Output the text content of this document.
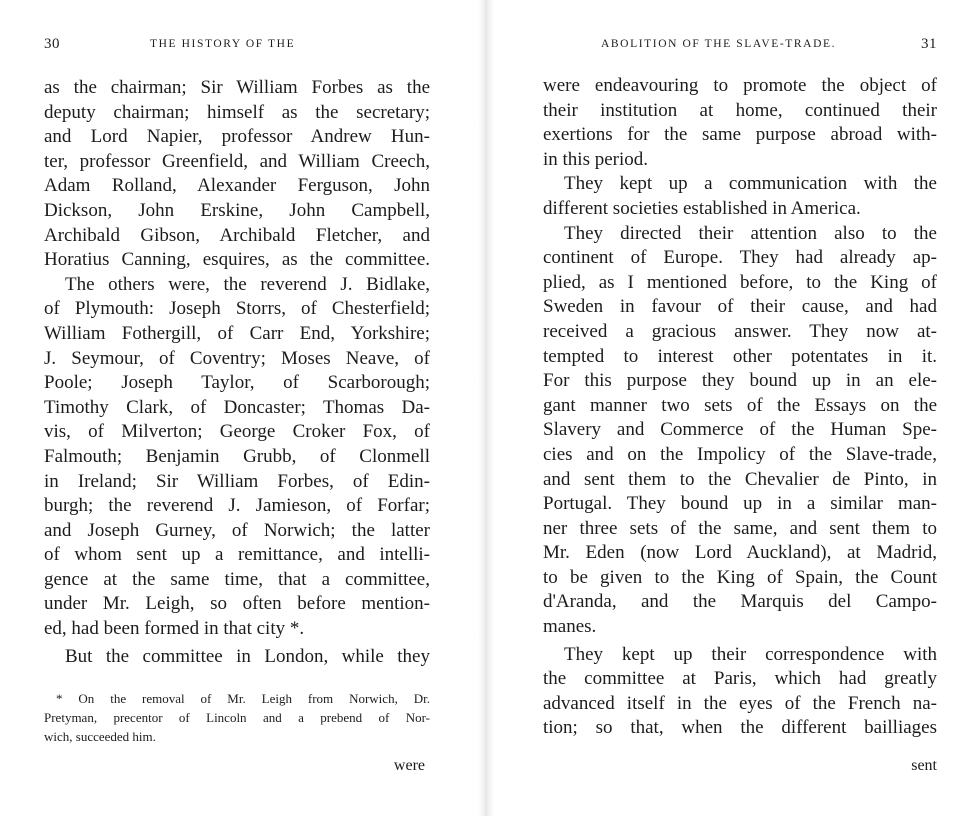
30	THE HISTORY OF THE
as the chairman; Sir William Forbes as the
deputy chairman; himself as the secretary;
and Lord Napier, professor Andrew Hun-
ter, professor Greenfield, and William Creech,
Adam Rolland, Alexander Ferguson, John
Dickson, John Erskine, John Campbell,
Archibald Gibson, Archibald Fletcher, and
Horatius Canning, esquires, as the committee.
The others were, the reverend J. Bidlake,
of Plymouth: Joseph Storrs, of Chesterfield;
William Fothergill, of Carr End, Yorkshire;
J. Seymour, of Coventry; Moses Neave, of
Poole; Joseph Taylor, of Scarborough;
Timothy Clark, of Doncaster; Thomas Da-
vis, of Milverton; George Croker Fox, of
Falmouth; Benjamin Grubb, of Clonmell
in Ireland; Sir William Forbes, of Edin-
burgh; the reverend J. Jamieson, of Forfar;
and Joseph Gurney, of Norwich; the latter
of whom sent up a remittance, and intelli-
gence at the same time, that a committee,
under Mr. Leigh, so often before mention-
ed, had been formed in that city *.
But the committee in London, while they
* On the removal of Mr. Leigh from Norwich, Dr.
Pretyman, precentor of Lincoln and a prebend of Nor-
wich, succeeded him.
were
ABOLITION OF THE SLAVE-TRADE.	31
were endeavouring to promote the object of
their institution at home, continued their
exertions for the same purpose abroad with-
in this period.
They kept up a communication with the
different societies established in America.
They directed their attention also to the
continent of Europe. They had already ap-
plied, as I mentioned before, to the King of
Sweden in favour of their cause, and had
received a gracious answer. They now at-
tempted to interest other potentates in it.
For this purpose they bound up in an ele-
gant manner two sets of the Essays on the
Slavery and Commerce of the Human Spe-
cies and on the Impolicy of the Slave-trade,
and sent them to the Chevalier de Pinto, in
Portugal. They bound up in a similar man-
ner three sets of the same, and sent them to
Mr. Eden (now Lord Auckland), at Madrid,
to be given to the King of Spain, the Count
d'Aranda, and the Marquis del Campo-
manes.
They kept up their correspondence with
the committee at Paris, which had greatly
advanced itself in the eyes of the French na-
tion; so that, when the different bailliages
sent
